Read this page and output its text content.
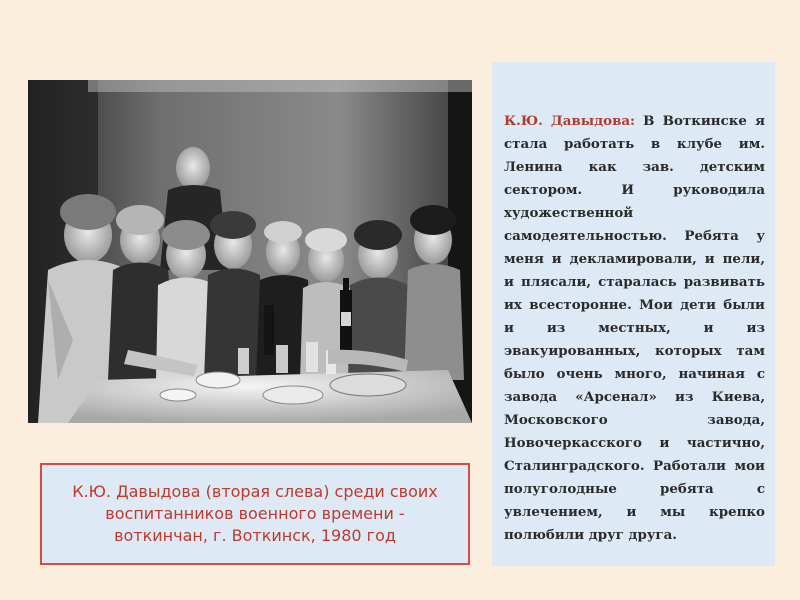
К.Ю. Давыдова (вторая слева) среди своих воспитанников военного времени - воткинчан, г. Воткинск, 1980 год

К.Ю. Давыдова: В Воткинске я стала работать в клубе им. Ленина как зав. детским сектором. И руководила художественной самодеятельностью. Ребята у меня и декламировали, и пели, и плясали, старалась развивать их всесторонне. Мои дети были и из местных, и из эвакуированных, которых там было очень много, начиная с завода «Арсенал» из Киева, Московского завода, Новочеркасского и частично, Сталинградского. Работали мои полуголодные ребята с увлечением, и мы крепко полюбили друг друга.
